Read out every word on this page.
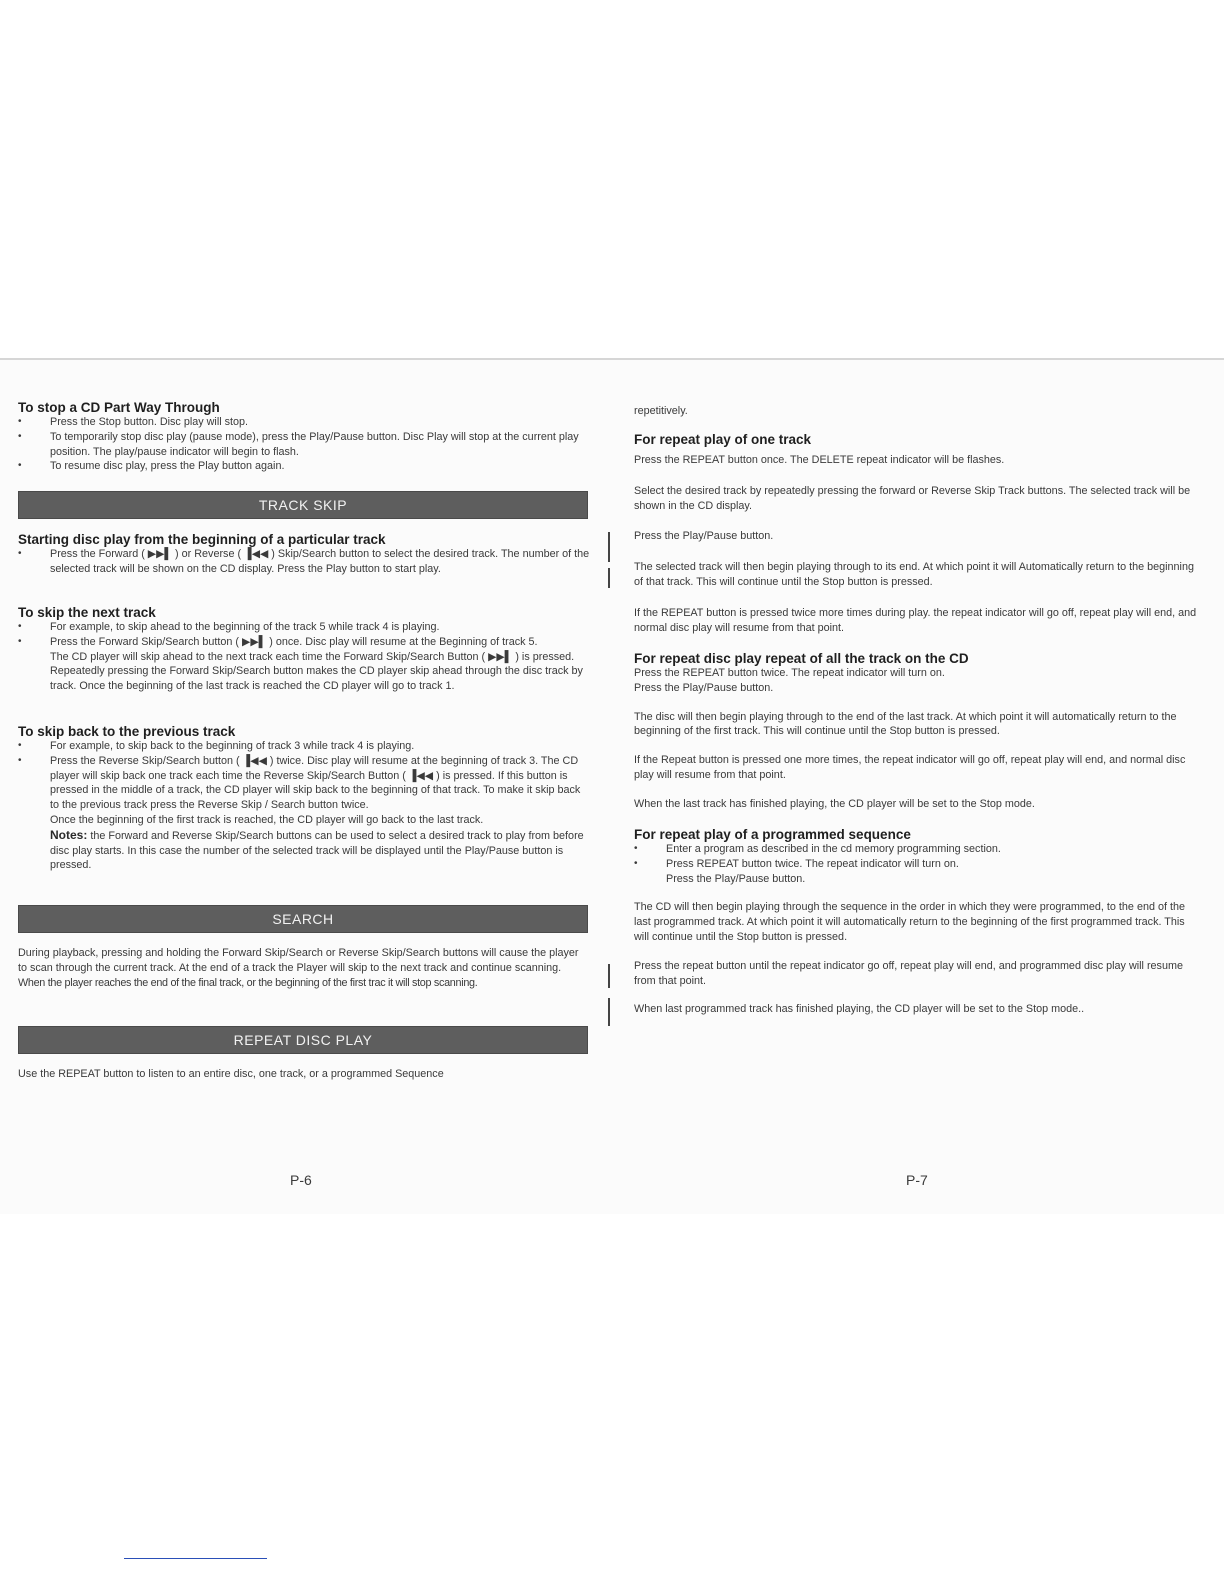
To stop a CD Part Way Through
• Press the Stop button. Disc play will stop.
• To temporarily stop disc play (pause mode), press the Play/Pause button. Disc Play will stop at the current play position. The play/pause indicator will begin to flash.
• To resume disc play, press the Play button again.
TRACK SKIP
Starting disc play from the beginning of a particular track
• Press the Forward ( ▶▶▌ ) or Reverse ( ▐◀◀ ) Skip/Search button to select the desired track. The number of the selected track will be shown on the CD display. Press the Play button to start play.
To skip the next track
• For example, to skip ahead to the beginning of the track 5 while track 4 is playing.
• Press the Forward Skip/Search button ( ▶▶▌ ) once. Disc play will resume at the Beginning of track 5.
The CD player will skip ahead to the next track each time the Forward Skip/Search Button ( ▶▶▌ ) is pressed. Repeatedly pressing the Forward Skip/Search button makes the CD player skip ahead through the disc track by track. Once the beginning of the last track is reached the CD player will go to track 1.
To skip back to the previous track
• For example, to skip back to the beginning of track 3 while track 4 is playing.
• Press the Reverse Skip/Search button ( ▐◀◀ ) twice. Disc play will resume at the beginning of track 3. The CD player will skip back one track each time the Reverse Skip/Search Button ( ▐◀◀ ) is pressed. If this button is pressed in the middle of a track, the CD player will skip back to the beginning of that track. To make it skip back to the previous track press the Reverse Skip / Search button twice.
Once the beginning of the first track is reached, the CD player will go back to the last track.
Notes: the Forward and Reverse Skip/Search buttons can be used to select a desired track to play from before disc play starts. In this case the number of the selected track will be displayed until the Play/Pause button is pressed.
SEARCH
During playback, pressing and holding the Forward Skip/Search or Reverse Skip/Search buttons will cause the player to scan through the current track. At the end of a track the Player will skip to the next track and continue scanning.
When the player reaches the end of the final track, or the beginning of the first trac it will stop scanning.
REPEAT DISC PLAY
Use the REPEAT button to listen to an entire disc, one track, or a programmed Sequence
P-6
repetitively.
For repeat play of one track
Press the REPEAT button once. The DELETE repeat indicator will be flashes.
Select the desired track by repeatedly pressing the forward or Reverse Skip Track buttons. The selected track will be shown in the CD display.
Press the Play/Pause button.
The selected track will then begin playing through to its end. At which point it will Automatically return to the beginning of that track. This will continue until the Stop button is pressed.
If the REPEAT button is pressed twice more times during play. the repeat indicator will go off, repeat play will end, and normal disc play will resume from that point.
For repeat disc play repeat of all the track on the CD
Press the REPEAT button twice. The repeat indicator will turn on.
Press the Play/Pause button.
The disc will then begin playing through to the end of the last track. At which point it will automatically return to the beginning of the first track. This will continue until the Stop button is pressed.
If the Repeat button is pressed one more times, the repeat indicator will go off, repeat play will end, and normal disc play will resume from that point.
When the last track has finished playing, the CD player will be set to the Stop mode.
For repeat play of a programmed sequence
• Enter a program as described in the cd memory programming section.
• Press REPEAT button twice. The repeat indicator will turn on.
Press the Play/Pause button.
The CD will then begin playing through the sequence in the order in which they were programmed, to the end of the last programmed track. At which point it will automatically return to the beginning of the first programmed track. This will continue until the Stop button is pressed.
Press the repeat button until the repeat indicator go off, repeat play will end, and programmed disc play will resume from that point.
When last programmed track has finished playing, the CD player will be set to the Stop mode..
P-7
